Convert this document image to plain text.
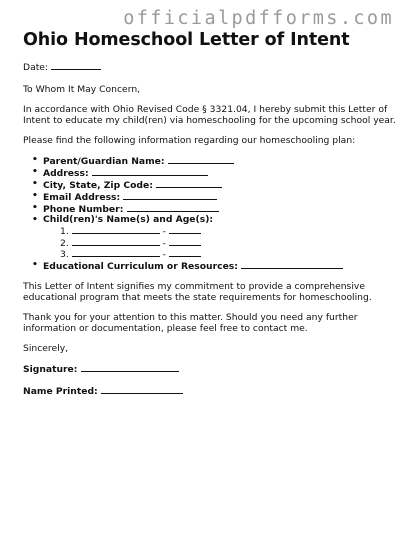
officialpdfforms.com
Ohio Homeschool Letter of Intent

Date:

To Whom It May Concern,

In accordance with Ohio Revised Code § 3321.04, I hereby submit this Letter of Intent to educate my child(ren) via homeschooling for the upcoming school year.

Please find the following information regarding our homeschooling plan:

• Parent/Guardian Name:
• Address:
• City, State, Zip Code:
• Email Address:
• Phone Number:
• Child(ren)'s Name(s) and Age(s):
1.	-
2.	-
3.	-
• Educational Curriculum or Resources:

This Letter of Intent signifies my commitment to provide a comprehensive educational program that meets the state requirements for homeschooling.

Thank you for your attention to this matter. Should you need any further information or documentation, please feel free to contact me.

Sincerely,

Signature:

Name Printed:
